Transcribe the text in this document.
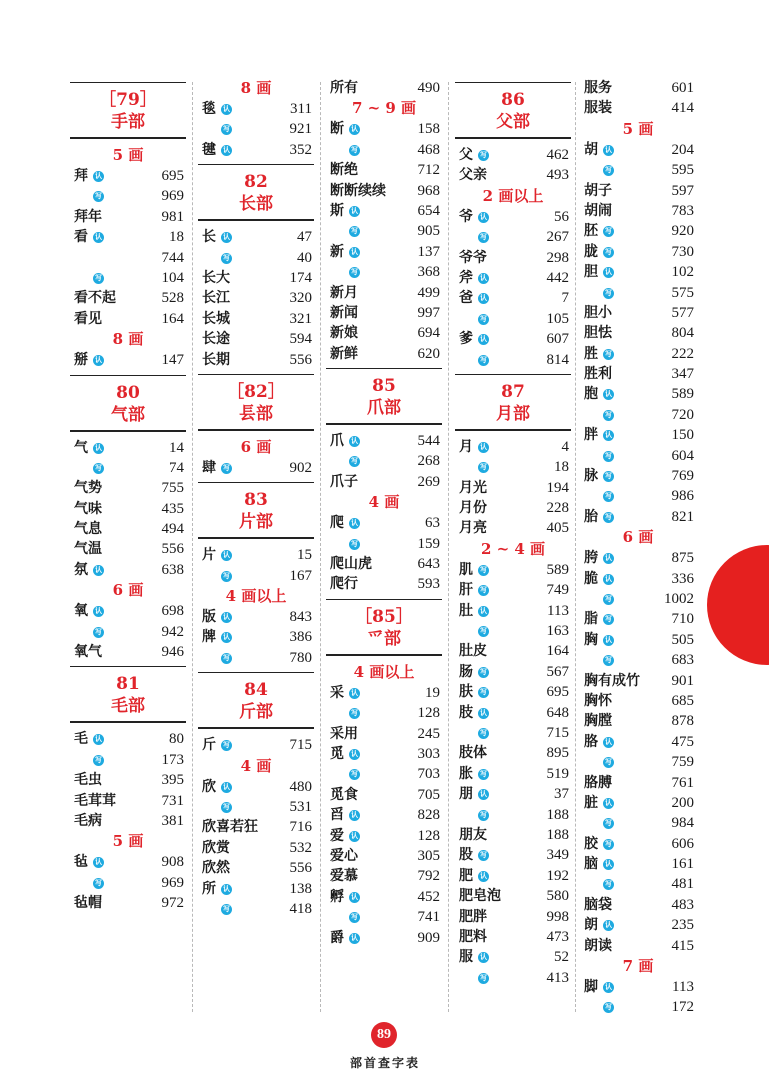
［79］
手部
5 画
拜 认	695
写	969
拜年	981
看 认	18
744
写	104
看不起	528
看见	164
8 画
掰 认	147
80
气部
气 认	14
写	74
气势	755
气味	435
气息	494
气温	556
氛 认	638
6 画
氧 认	698
写	942
氧气	946
81
毛部
毛 认	80
写	173
毛虫	395
毛茸茸	731
毛病	381
5 画
毡 认	908
写	969
毡帽	972
8 画
毯 认	311
写	921
毽 认	352
82
长部
长 认	47
写	40
长大	174
长江	320
长城	321
长途	594
长期	556
［82］
镸部
6 画
肆 写	902
83
片部
片 认	15
写	167
4 画以上
版 认	843
牌 认	386
写	780
84
斤部
斤 写	715
4 画
欣 认	480
写	531
欣喜若狂 716
欣赏	532
欣然	556
所 认	138
写	418
所有	490
7 ~ 9 画
断 认	158
写	468
断绝	712
断断续续 968
斯 认	654
写	905
新 认	137
写	368
新月	499
新闻	997
新娘	694
新鲜	620
85
爪部
爪 认	544
写	268
爪子	269
4 画
爬 认	63
写	159
爬山虎	643
爬行	593
［85］
爫部
4 画以上
采 认	19
写	128
采用	245
觅 认	303
写	703
觅食	705
舀 认	828
爱 认	128
爱心	305
爱慕	792
孵 认	452
写	741
爵 认	909
86
父部
父 写	462
父亲	493
2 画以上
爷 认	56
写	267
爷爷	298
斧 认	442
爸 认	7
写	105
爹 认	607
写	814
87
月部
月 认	4
写	18
月光	194
月份	228
月亮	405
2 ~ 4 画
肌 写	589
肝 写	749
肚 认	113
写	163
肚皮	164
肠 写	567
肤 写	695
肢 认	648
写	715
肢体	895
胀 写	519
朋 认	37
写	188
朋友	188
股 写	349
肥 认	192
肥皂泡	580
肥胖	998
肥料	473
服 认	52
写	413
服务	601
服装	414
5 画
胡 认	204
写	595
胡子	597
胡闹	783
胚 写	920
胧 写	730
胆 认	102
写	575
胆小	577
胆怯	804
胜 写	222
胜利	347
胞 认	589
写	720
胖 认	150
写	604
脉 写	769
写	986
胎 写	821
6 画
胯 认	875
脆 认	336
写	1002
脂 写	710
胸 认	505
写	683
胸有成竹 901
胸怀	685
胸膛	878
胳 认	475
写	759
胳膊	761
脏 认	200
写	984
胶 写	606
脑 认	161
写	481
脑袋	483
朗 认	235
朗读	415
7 画
脚 认	113
写	172
89
部首查字表
